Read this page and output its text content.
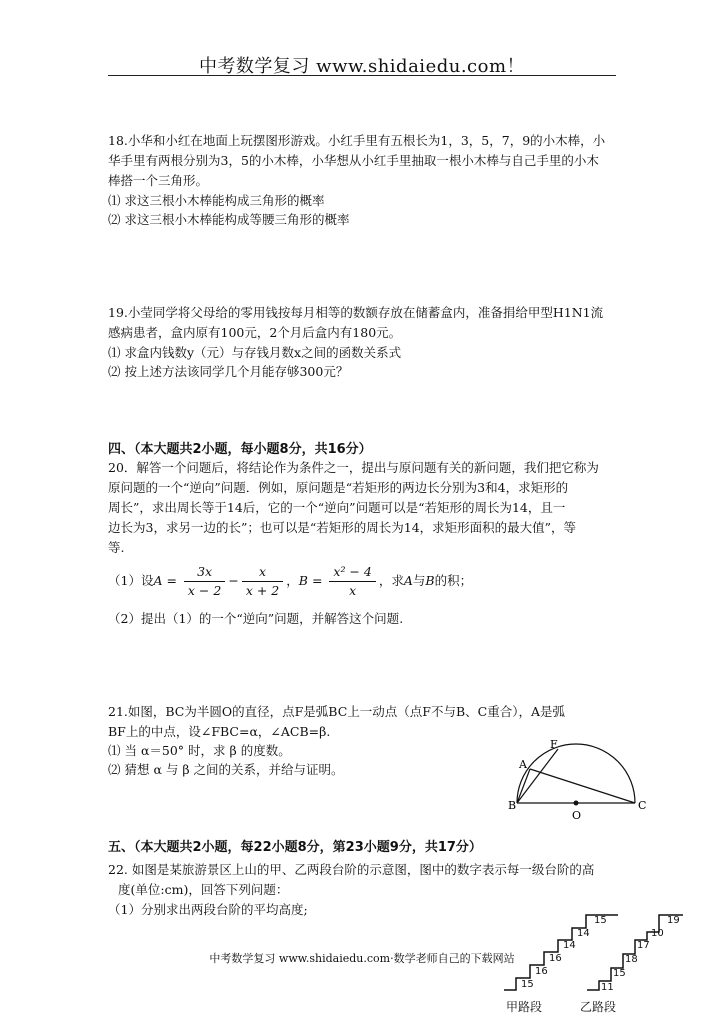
中考数学复习 www.shidaiedu.com！
18.小华和小红在地面上玩摆图形游戏。小红手里有五根长为1，3，5，7，9的小木棒，小
华手里有两根分别为3，5的小木棒，小华想从小红手里抽取一根小木棒与自己手里的小木
棒搭一个三角形。
⑴ 求这三根小木棒能构成三角形的概率
⑵ 求这三根小木棒能构成等腰三角形的概率
19.小莹同学将父母给的零用钱按每月相等的数额存放在储蓄盒内，准备捐给甲型H1N1流
感病患者，盒内原有100元，2个月后盒内有180元。
⑴ 求盒内钱数y（元）与存钱月数x之间的函数关系式
⑵ 按上述方法该同学几个月能存够300元？
四、（本大题共2小题，每小题8分，共16分）
20．解答一个问题后，将结论作为条件之一，提出与原问题有关的新问题，我们把它称为
原问题的一个“逆向”问题．例如，原问题是“若矩形的两边长分别为3和4，求矩形的
周长”，求出周长等于14后，它的一个“逆向”问题可以是“若矩形的周长为14，且一
边长为3，求另一边的长”；也可以是“若矩形的周长为14，求矩形面积的最大值”，等
等.
（1）设$A = \frac{3x}{x - 2} - \frac{x}{x + 2}$ ，$B = \frac{\text{x² − 4}}{x}$ ，求A与B的积；
（2）提出（1）的一个“逆向”问题，并解答这个问题.
21.如图，BC为半圆O的直径，点F是弧BC上一动点（点F不与B、C重合），A是弧
BF上的中点，设∠FBC=α，∠ACB=β.
⑴ 当 α＝50° 时，求 β 的度数。
⑵ 猜想 α 与 β 之间的关系，并给与证明。
F
A
B	C
O
五、（本大题共2小题，每22小题8分，第23小题9分，共17分）
22. 如图是某旅游景区上山的甲、乙两段台阶的示意图，图中的数字表示每一级台阶的高
度(单位:cm)，回答下列问题：
（1）分别求出两段台阶的平均高度;
15
16
16
14
14
15
甲路段
11
15
18
17
10
19
乙路段
中考数学复习 www.shidaiedu.com·数学老师自己的下载网站
